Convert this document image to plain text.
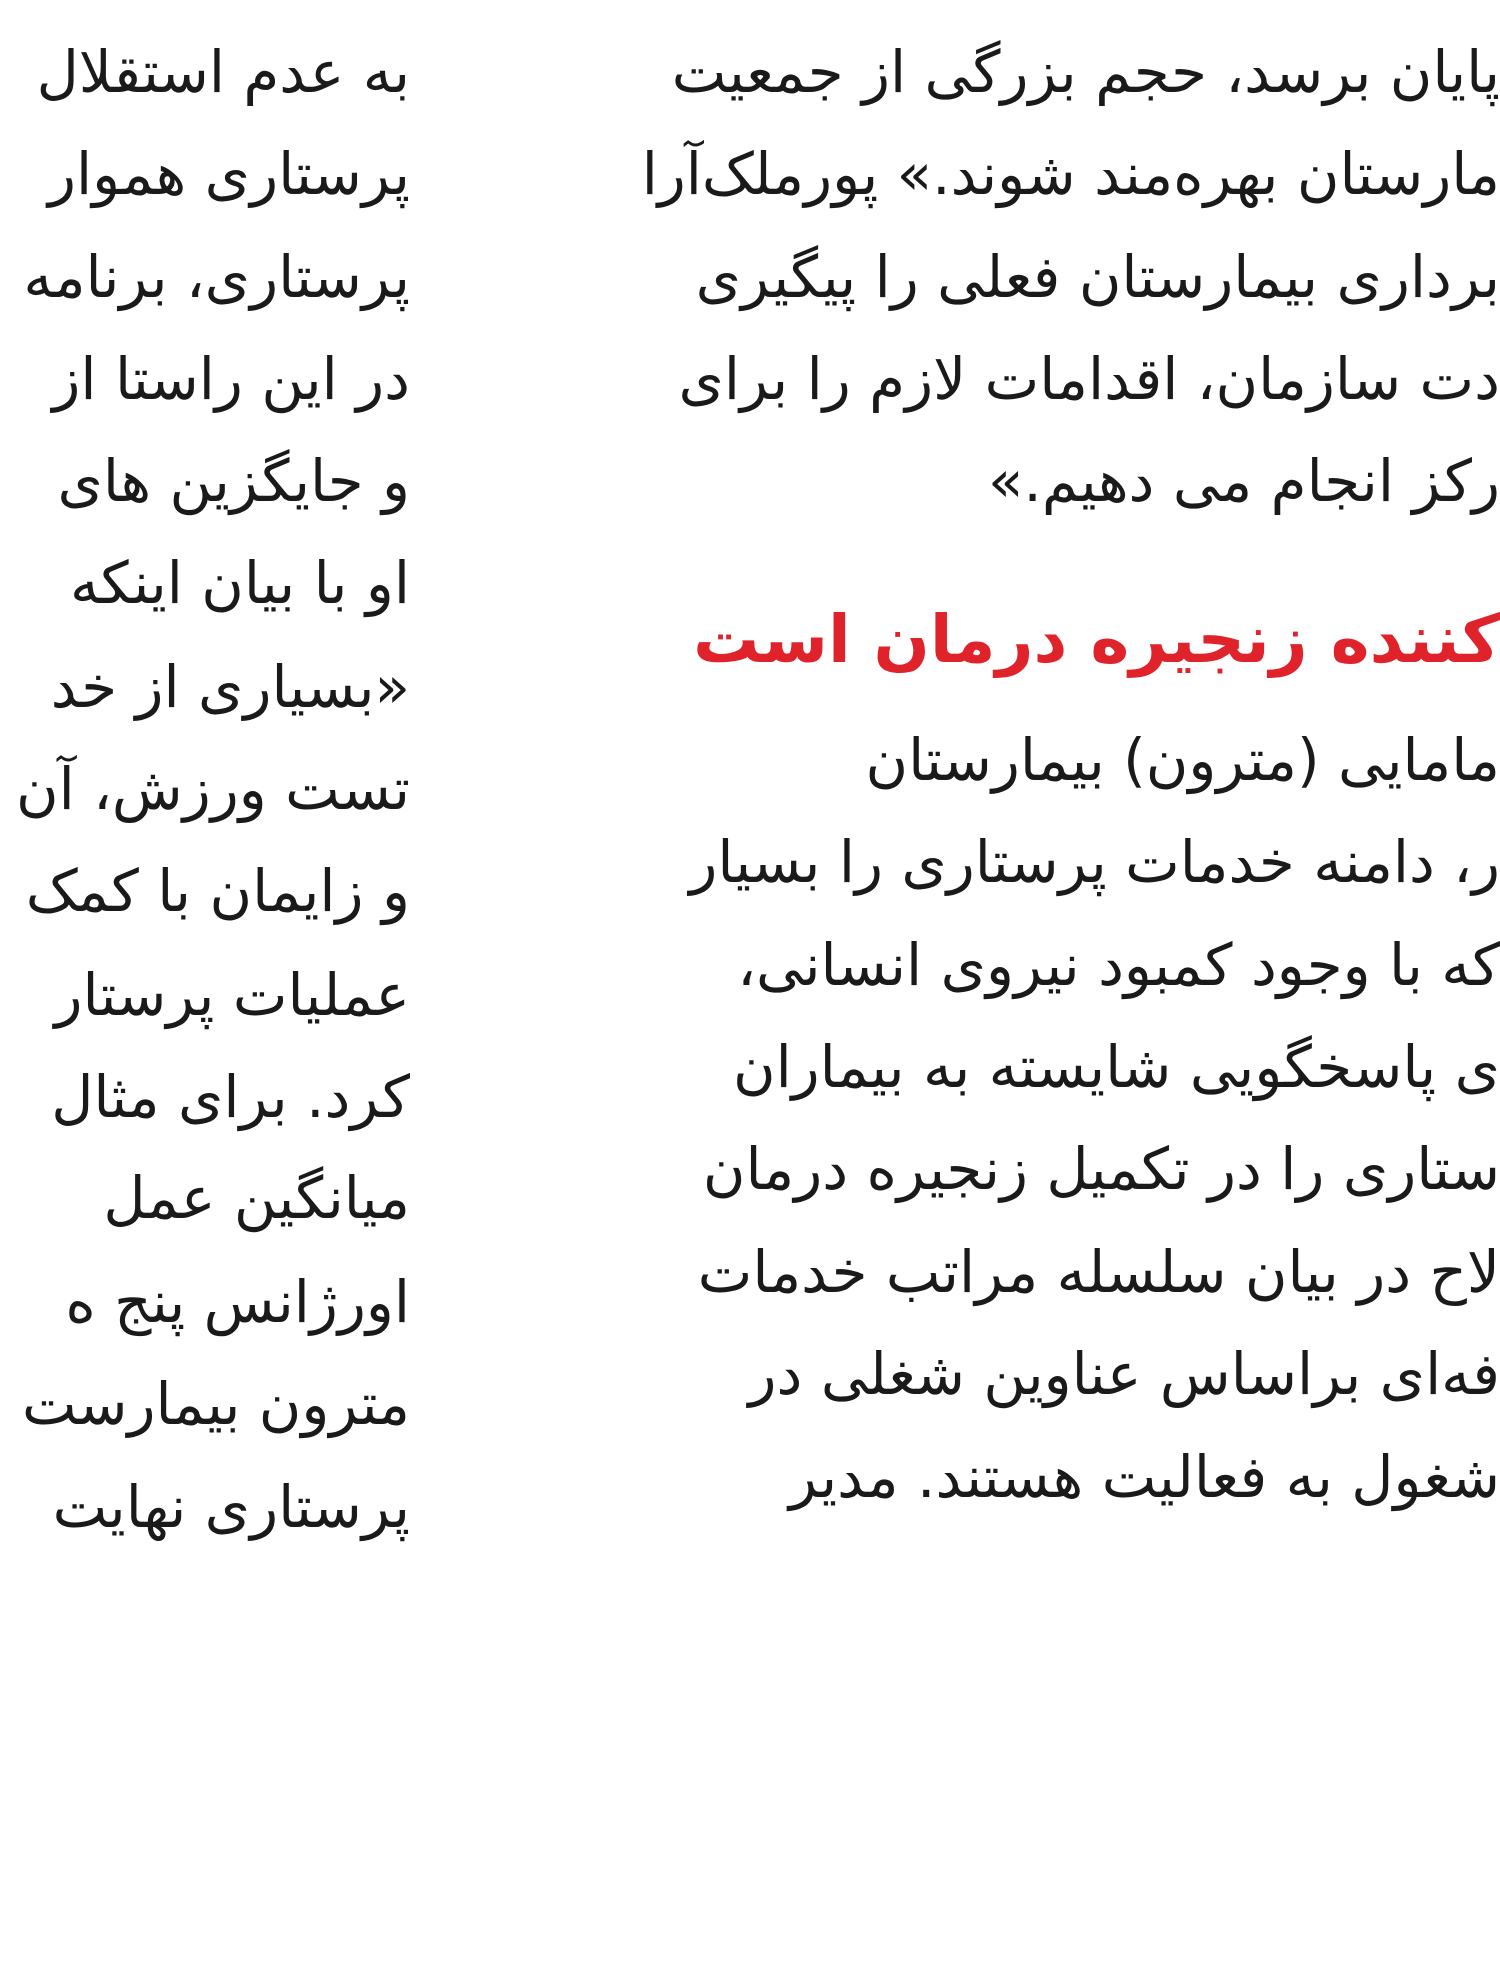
به عدم استقلال
پرستاری هموار
پرستاری، برنامه
در این راستا از
و جایگزین های
او با بیان اینکه
«بسیاری از خد
تست ورزش، آن
و زایمان با کمک
عملیات پرستار
کرد. برای مثال
میانگین عمل
اورژانس پنج ه
مترون بیمارست
پرستاری نهایت
پایان برسد، حجم بزرگی از جمعیت
مارستان بهره‌مند شوند.» پورملک‌آرا
برداری بیمارستان فعلی را پیگیری
دت سازمان، اقدامات لازم را برای
رکز انجام می دهیم.»
کننده زنجیره درمان است
مامایی (مترون) بیمارستان
ر، دامنه خدمات پرستاری را بسیار
که با وجود کمبود نیروی انسانی،
ی پاسخگویی شایسته به بیماران
ستاری را در تکمیل زنجیره درمان
لاح در بیان سلسله مراتب خدمات
فه‌ای براساس عناوین شغلی در
شغول به فعالیت هستند. مدیر
